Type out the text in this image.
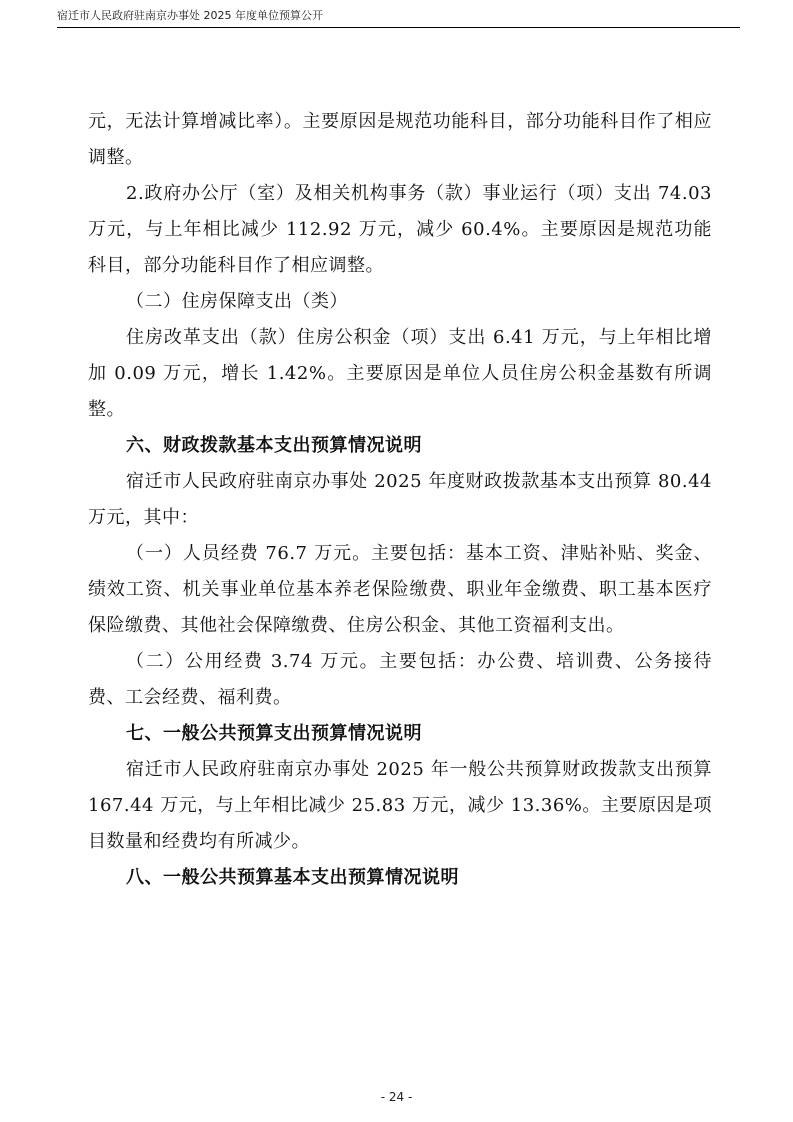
宿迁市人民政府驻南京办事处 2025 年度单位预算公开

元，无法计算增减比率）。主要原因是规范功能科目，部分功能科目作了相应调整。

2.政府办公厅（室）及相关机构事务（款）事业运行（项）支出 74.03 万元，与上年相比减少 112.92 万元，减少 60.4%。主要原因是规范功能科目，部分功能科目作了相应调整。

（二）住房保障支出（类）

住房改革支出（款）住房公积金（项）支出 6.41 万元，与上年相比增加 0.09 万元，增长 1.42%。主要原因是单位人员住房公积金基数有所调整。

六、财政拨款基本支出预算情况说明

宿迁市人民政府驻南京办事处 2025 年度财政拨款基本支出预算 80.44 万元，其中：

（一）人员经费 76.7 万元。主要包括：基本工资、津贴补贴、奖金、绩效工资、机关事业单位基本养老保险缴费、职业年金缴费、职工基本医疗保险缴费、其他社会保障缴费、住房公积金、其他工资福利支出。

（二）公用经费 3.74 万元。主要包括：办公费、培训费、公务接待费、工会经费、福利费。

七、一般公共预算支出预算情况说明

宿迁市人民政府驻南京办事处 2025 年一般公共预算财政拨款支出预算 167.44 万元，与上年相比减少 25.83 万元，减少 13.36%。主要原因是项目数量和经费均有所减少。

八、一般公共预算基本支出预算情况说明

- 24 -
